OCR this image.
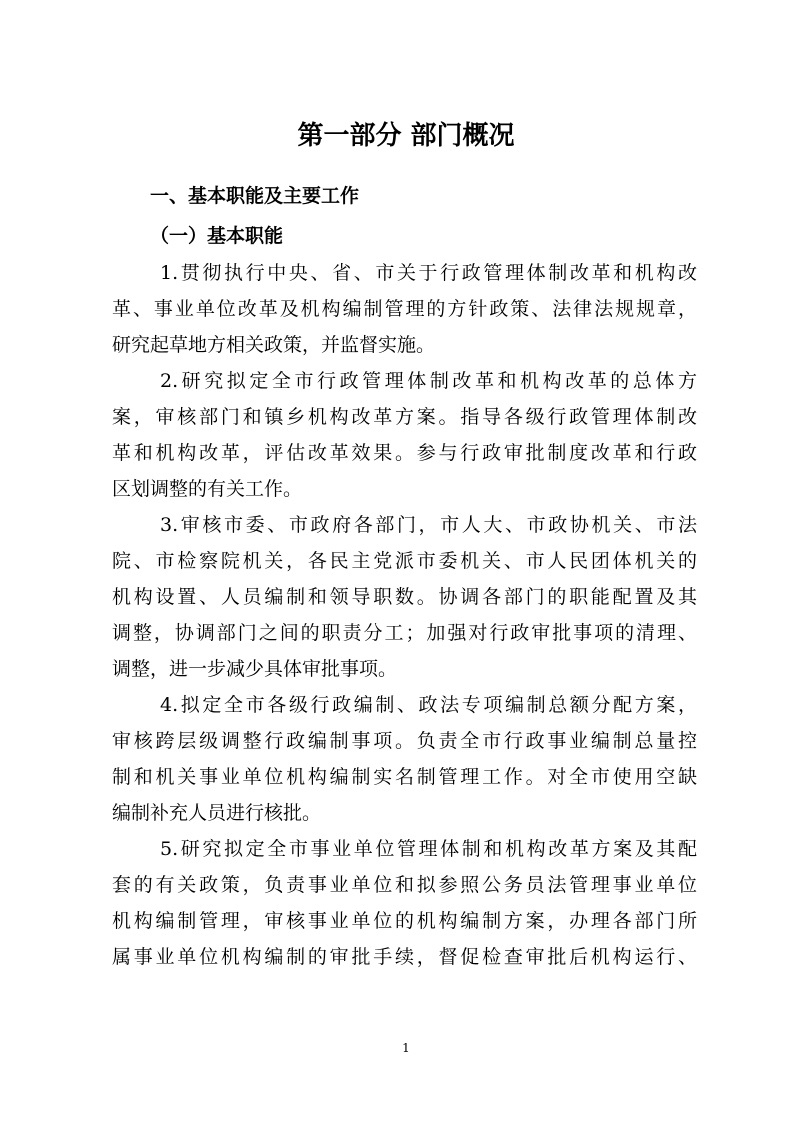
第一部分 部门概况
一、基本职能及主要工作
（一）基本职能

1.贯彻执行中央、省、市关于行政管理体制改革和机构改
革、事业单位改革及机构编制管理的方针政策、法律法规规章，
研究起草地方相关政策，并监督实施。

2.研究拟定全市行政管理体制改革和机构改革的总体方
案，审核部门和镇乡机构改革方案。指导各级行政管理体制改
革和机构改革，评估改革效果。参与行政审批制度改革和行政
区划调整的有关工作。

3.审核市委、市政府各部门，市人大、市政协机关、市法
院、市检察院机关，各民主党派市委机关、市人民团体机关的
机构设置、人员编制和领导职数。协调各部门的职能配置及其
调整，协调部门之间的职责分工；加强对行政审批事项的清理、
调整，进一步减少具体审批事项。

4.拟定全市各级行政编制、政法专项编制总额分配方案，
审核跨层级调整行政编制事项。负责全市行政事业编制总量控
制和机关事业单位机构编制实名制管理工作。对全市使用空缺
编制补充人员进行核批。

5.研究拟定全市事业单位管理体制和机构改革方案及其配
套的有关政策，负责事业单位和拟参照公务员法管理事业单位
机构编制管理，审核事业单位的机构编制方案，办理各部门所
属事业单位机构编制的审批手续，督促检查审批后机构运行、

1
